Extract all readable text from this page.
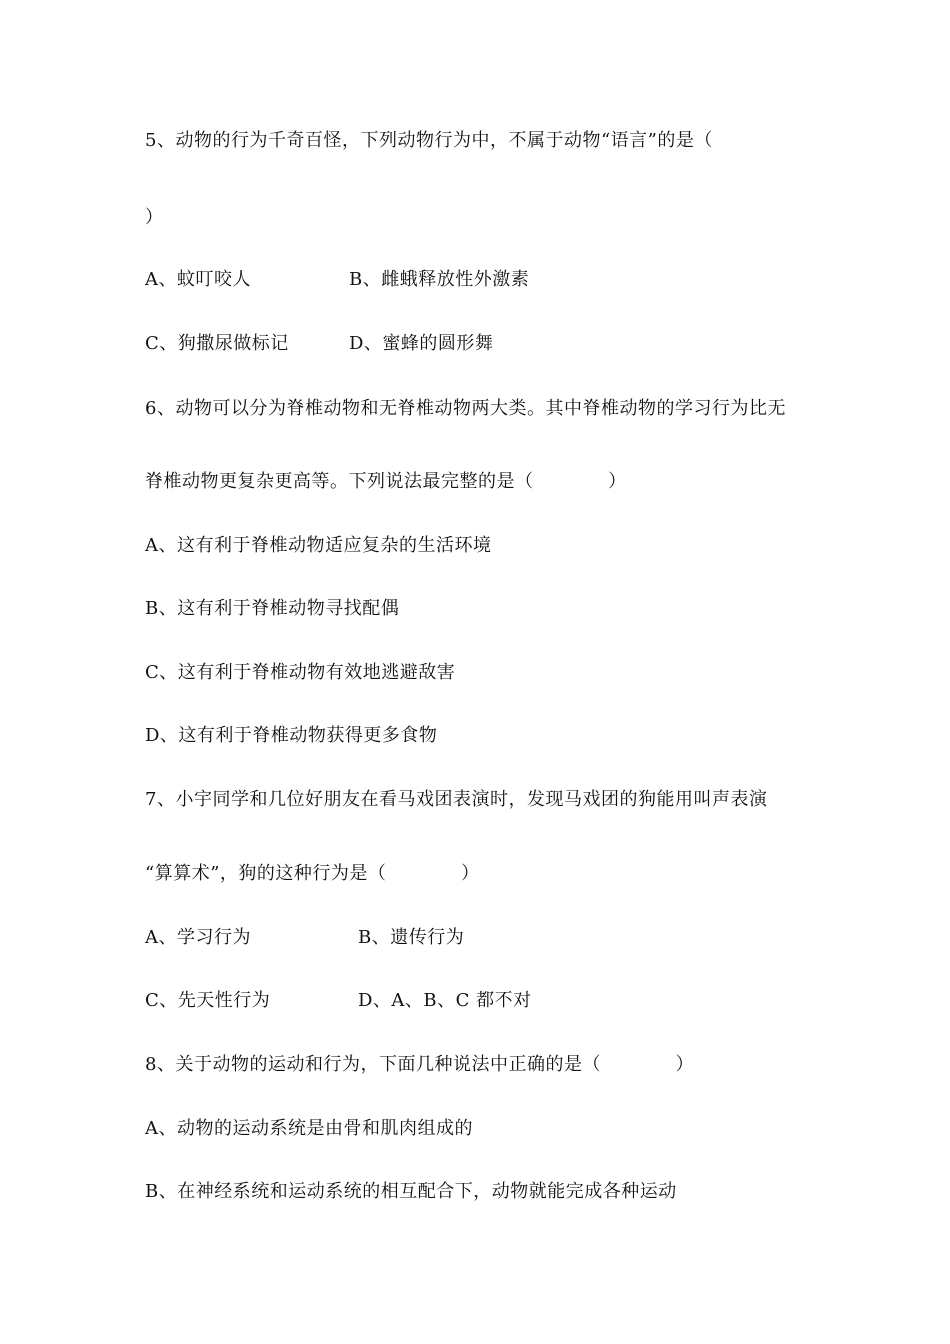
5、动物的行为千奇百怪，下列动物行为中，不属于动物“语言”的是（
）
A、蚊叮咬人	B、雌蛾释放性外激素
C、狗撒尿做标记	D、蜜蜂的圆形舞
6、动物可以分为脊椎动物和无脊椎动物两大类。其中脊椎动物的学习行为比无
脊椎动物更复杂更高等。下列说法最完整的是（            ）
A、这有利于脊椎动物适应复杂的生活环境
B、这有利于脊椎动物寻找配偶
C、这有利于脊椎动物有效地逃避敌害
D、这有利于脊椎动物获得更多食物
7、小宇同学和几位好朋友在看马戏团表演时，发现马戏团的狗能用叫声表演
“算算术”，狗的这种行为是（            ）
A、学习行为	B、遗传行为
C、先天性行为	D、A、B、C 都不对
8、关于动物的运动和行为，下面几种说法中正确的是（            ）
A、动物的运动系统是由骨和肌肉组成的
B、在神经系统和运动系统的相互配合下，动物就能完成各种运动
